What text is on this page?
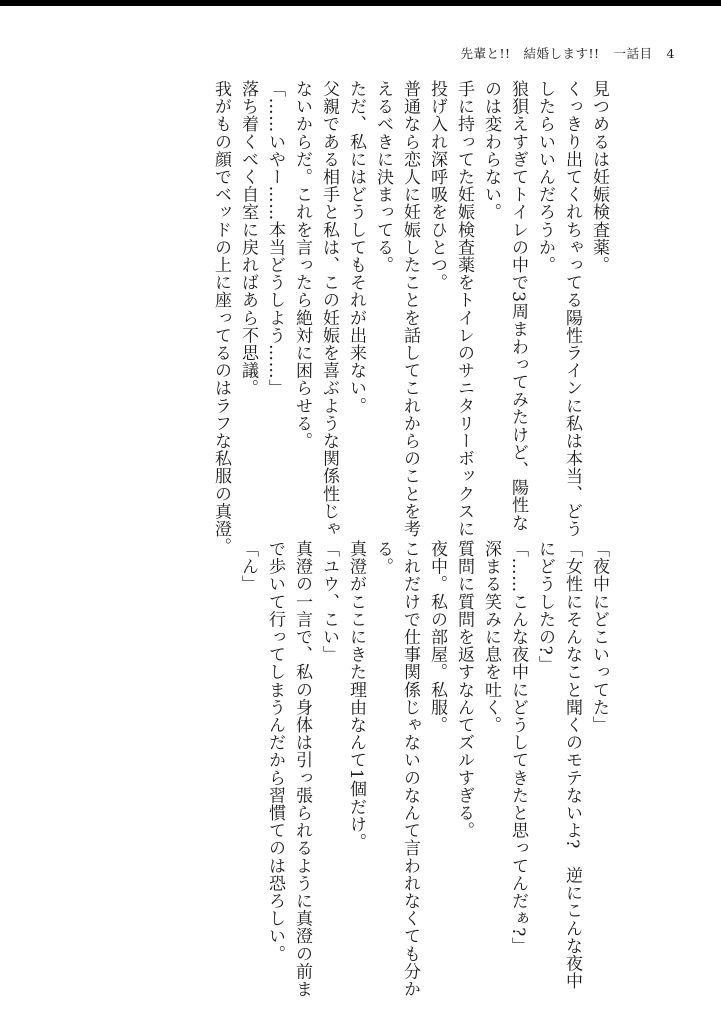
先輩と!!　結婚します!! 一話目 4
見つめるは妊娠検査薬。
くっきり出てくれちゃってる陽性ラインに私は本当、どう
したらいいんだろうか。
狼狽えすぎてトイレの中で3周まわってみたけど、陽性な
のは変わらない。
手に持ってた妊娠検査薬をトイレのサニタリーボックスに
投げ入れ深呼吸をひとつ。
普通なら恋人に妊娠したことを話してこれからのことを考
えるべきに決まってる。
ただ、私にはどうしてもそれが出来ない。
父親である相手と私は、この妊娠を喜ぶような関係性じゃ
ないからだ。これを言ったら絶対に困らせる。
「……いやー……本当どうしよう……」
落ち着くべく自室に戻ればあら不思議。
我がもの顔でベッドの上に座ってるのはラフな私服の真澄。
「夜中にどこいってた」
「女性にそんなこと聞くのモテないよ?　逆にこんな夜中
にどうしたの?」
「……こんな夜中にどうしてきたと思ってんだぁ?」
深まる笑みに息を吐く。
質問に質問を返すなんてズルすぎる。
夜中。私の部屋。私服。
これだけで仕事関係じゃないのなんて言われなくても分か
る。
真澄がここにきた理由なんて1個だけ。
「ユウ、こい」
真澄の一言で、私の身体は引っ張られるように真澄の前ま
で歩いて行ってしまうんだから習慣てのは恐ろしい。
「ん」
